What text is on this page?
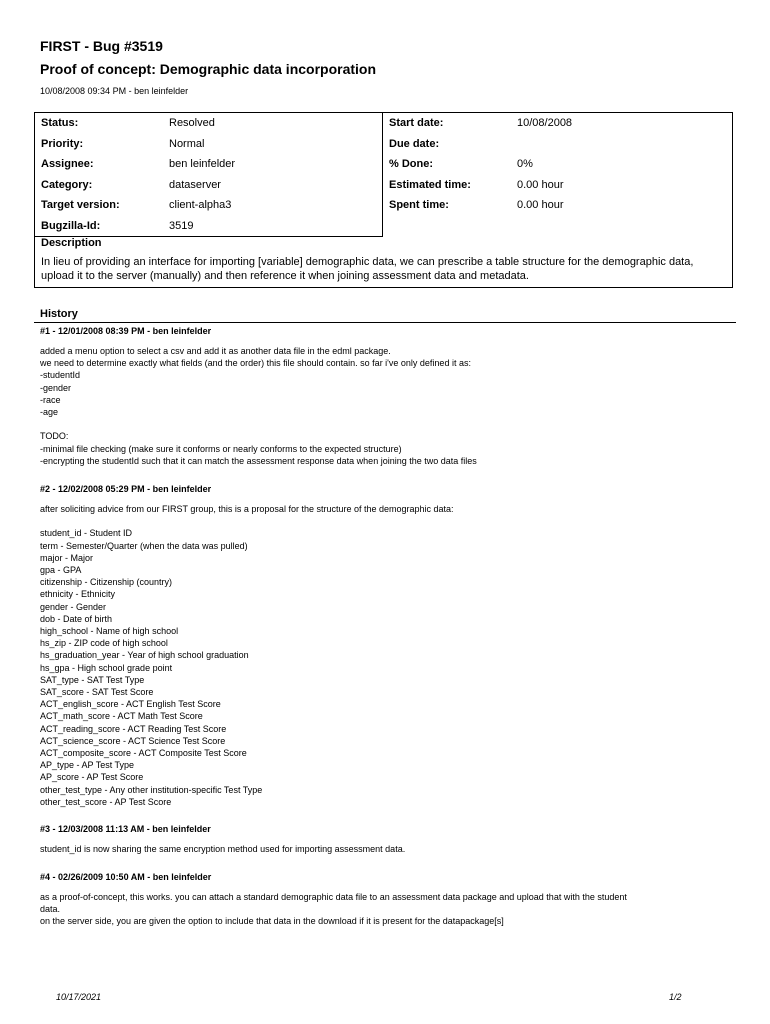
FIRST - Bug #3519
Proof of concept: Demographic data incorporation
10/08/2008 09:34 PM - ben leinfelder
Status:	Resolved	Start date:	10/08/2008
Priority:	Normal	Due date:	
Assignee:	ben leinfelder	% Done:	0%
Category:	dataserver	Estimated time:	0.00 hour
Target version:	client-alpha3	Spent time:	0.00 hour
Bugzilla-Id:	3519		
Description
In lieu of providing an interface for importing [variable] demographic data, we can prescribe a table structure for the demographic data, upload it to the server (manually) and then reference it when joining assessment data and metadata.
History
#1 - 12/01/2008 08:39 PM - ben leinfelder
added a menu option to select a csv and add it as another data file in the edml package.
we need to determine exactly what fields (and the order) this file should contain. so far i've only defined it as:
-studentId
-gender
-race
-age
TODO:
-minimal file checking (make sure it conforms or nearly conforms to the expected structure)
-encrypting the studentId such that it can match the assessment response data when joining the two data files
#2 - 12/02/2008 05:29 PM - ben leinfelder
after soliciting advice from our FIRST group, this is a proposal for the structure of the demographic data:
student_id - Student ID
term - Semester/Quarter (when the data was pulled)
major - Major
gpa - GPA
citizenship - Citizenship (country)
ethnicity - Ethnicity
gender - Gender
dob - Date of birth
high_school - Name of high school
hs_zip - ZIP code of high school
hs_graduation_year - Year of high school graduation
hs_gpa - High school grade point
SAT_type - SAT Test Type
SAT_score - SAT Test Score
ACT_english_score - ACT English Test Score
ACT_math_score - ACT Math Test Score
ACT_reading_score - ACT Reading Test Score
ACT_science_score - ACT Science Test Score
ACT_composite_score - ACT Composite Test Score
AP_type - AP Test Type
AP_score - AP Test Score
other_test_type - Any other institution-specific Test Type
other_test_score - AP Test Score
#3 - 12/03/2008 11:13 AM - ben leinfelder
student_id is now sharing the same encryption method used for importing assessment data.
#4 - 02/26/2009 10:50 AM - ben leinfelder
as a proof-of-concept, this works. you can attach a standard demographic data file to an assessment data package and upload that with the student
data.
on the server side, you are given the option to include that data in the download if it is present for the datapackage[s]
10/17/2021	1/2
